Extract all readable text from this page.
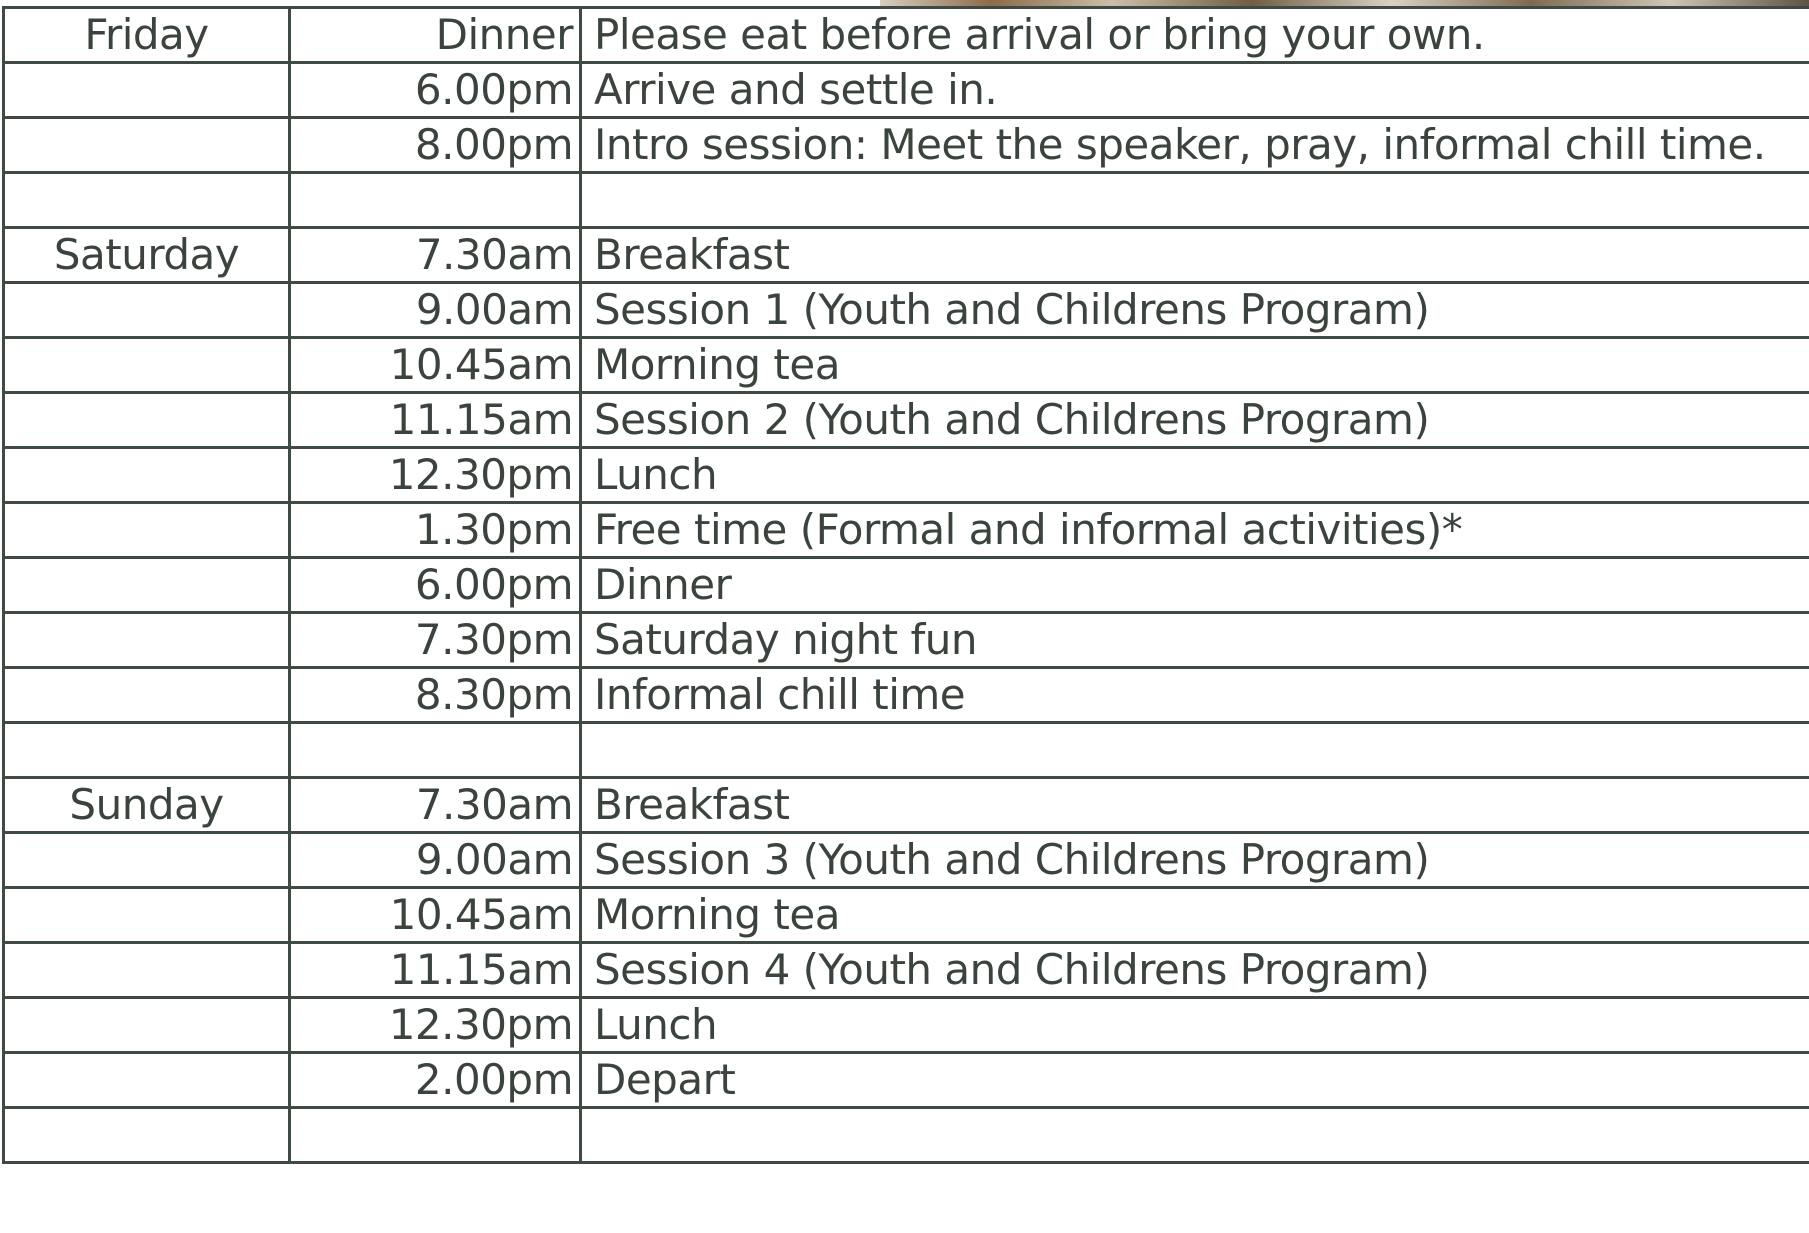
Friday	Dinner	Please eat before arrival or bring your own.
	6.00pm	Arrive and settle in.
	8.00pm	Intro session: Meet the speaker, pray, informal chill time.

Saturday	7.30am	Breakfast
	9.00am	Session 1 (Youth and Childrens Program)
	10.45am	Morning tea
	11.15am	Session 2 (Youth and Childrens Program)
	12.30pm	Lunch
	1.30pm	Free time (Formal and informal activities)*
	6.00pm	Dinner
	7.30pm	Saturday night fun
	8.30pm	Informal chill time

Sunday	7.30am	Breakfast
	9.00am	Session 3 (Youth and Childrens Program)
	10.45am	Morning tea
	11.15am	Session 4 (Youth and Childrens Program)
	12.30pm	Lunch
	2.00pm	Depart
